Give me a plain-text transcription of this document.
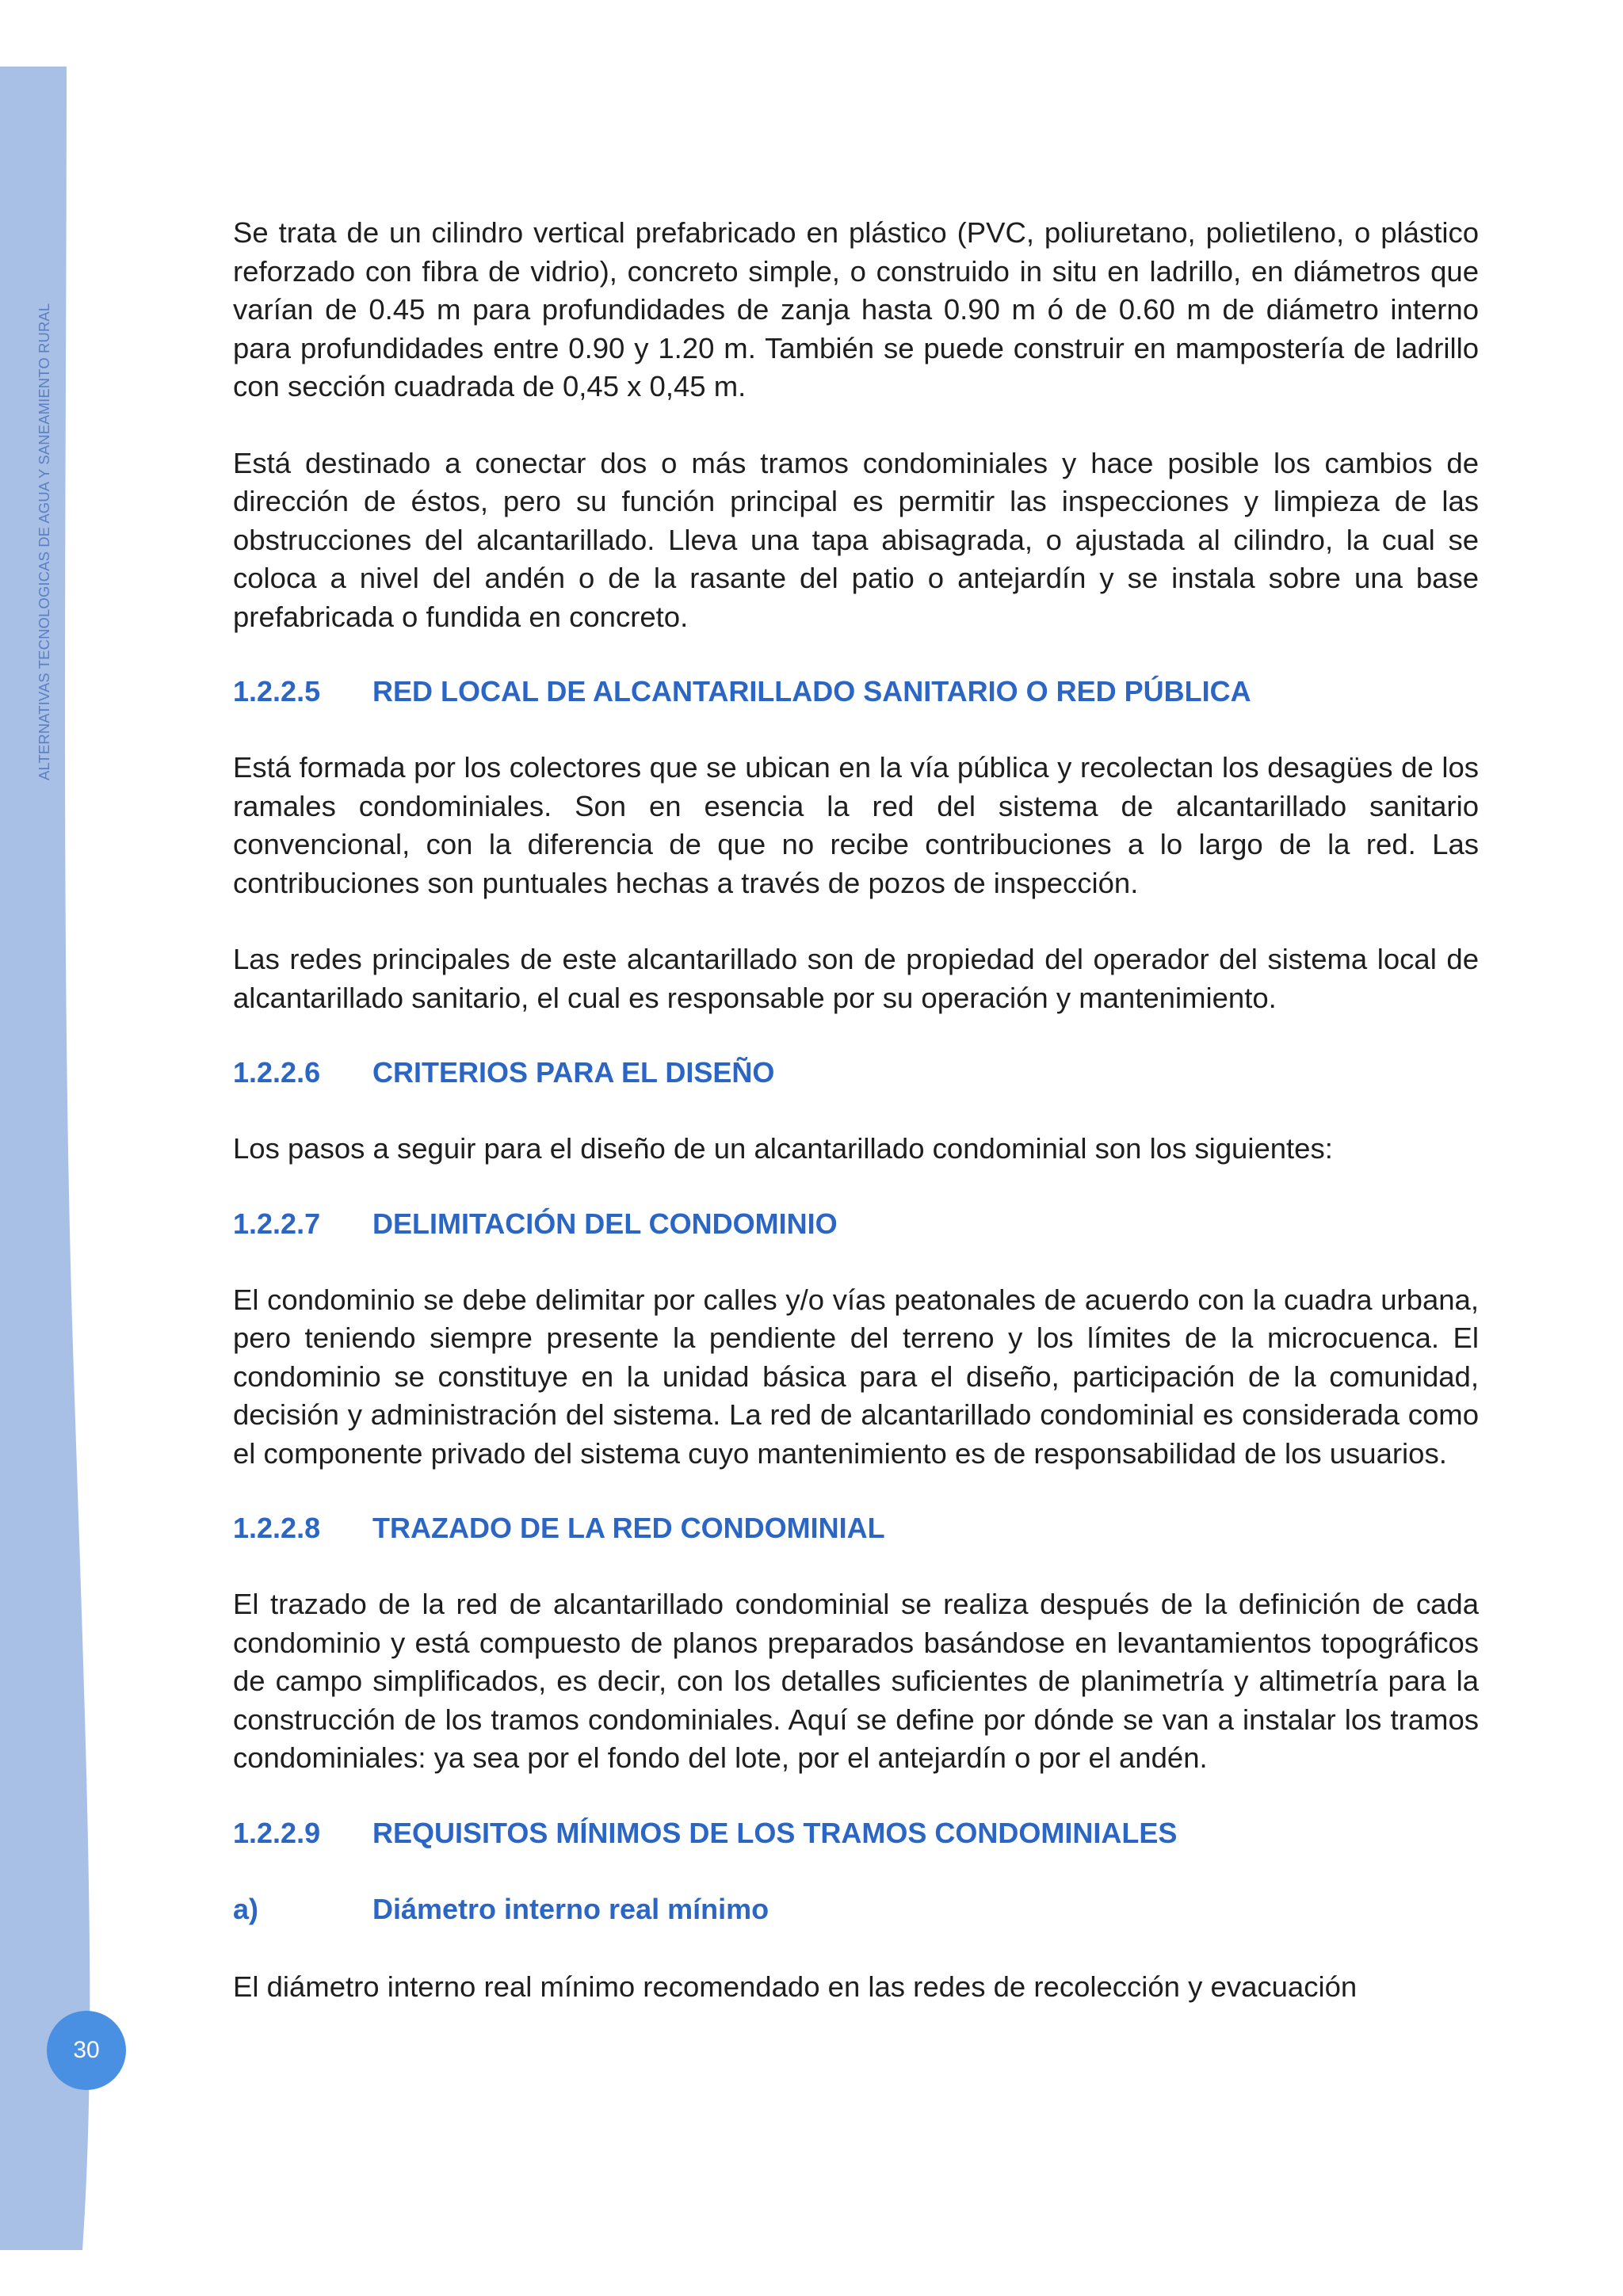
ALTERNATIVAS TECNOLOGICAS DE AGUA Y SANEAMIENTO RURAL
30

Se trata de un cilindro vertical prefabricado en plástico (PVC, poliuretano, polietileno, o plástico reforzado con fibra de vidrio), concreto simple, o construido in situ en ladrillo, en diámetros que varían de 0.45 m para profundidades de zanja hasta 0.90 m ó de 0.60 m de diámetro interno para profundidades entre 0.90 y 1.20 m. También se puede construir en mampostería de ladrillo con sección cuadrada de 0,45 x 0,45 m.

Está destinado a conectar dos o más tramos condominiales y hace posible los cambios de dirección de éstos, pero su función principal es permitir las inspecciones y limpieza de las obstrucciones del alcantarillado. Lleva una tapa abisagrada, o ajustada al cilindro, la cual se coloca a nivel del andén o de la rasante del patio o antejardín y se instala sobre una base prefabricada o fundida en concreto.

1.2.2.5 RED LOCAL DE ALCANTARILLADO SANITARIO O RED PÚBLICA

Está formada por los colectores que se ubican en la vía pública y recolectan los desagües de los ramales condominiales. Son en esencia la red del sistema de alcantarillado sanitario convencional, con la diferencia de que no recibe contribuciones a lo largo de la red. Las contribuciones son puntuales hechas a través de pozos de inspección.

Las redes principales de este alcantarillado son de propiedad del operador del sistema local de alcantarillado sanitario, el cual es responsable por su operación y mantenimiento.

1.2.2.6 CRITERIOS PARA EL DISEÑO

Los pasos a seguir para el diseño de un alcantarillado condominial son los siguientes:

1.2.2.7 DELIMITACIÓN DEL CONDOMINIO

El condominio se debe delimitar por calles y/o vías peatonales de acuerdo con la cuadra urbana, pero teniendo siempre presente la pendiente del terreno y los límites de la microcuenca. El condominio se constituye en la unidad básica para el diseño, participación de la comunidad, decisión y administración del sistema. La red de alcantarillado condominial es considerada como el componente privado del sistema cuyo mantenimiento es de responsabilidad de los usuarios.

1.2.2.8 TRAZADO DE LA RED CONDOMINIAL

El trazado de la red de alcantarillado condominial se realiza después de la definición de cada condominio y está compuesto de planos preparados basándose en levantamientos topográficos de campo simplificados, es decir, con los detalles suficientes de planimetría y altimetría para la construcción de los tramos condominiales. Aquí se define por dónde se van a instalar los tramos condominiales: ya sea por el fondo del lote, por el antejardín o por el andén.

1.2.2.9 REQUISITOS MÍNIMOS DE LOS TRAMOS CONDOMINIALES
a)	Diámetro interno real mínimo

El diámetro interno real mínimo recomendado en las redes de recolección y evacuación
